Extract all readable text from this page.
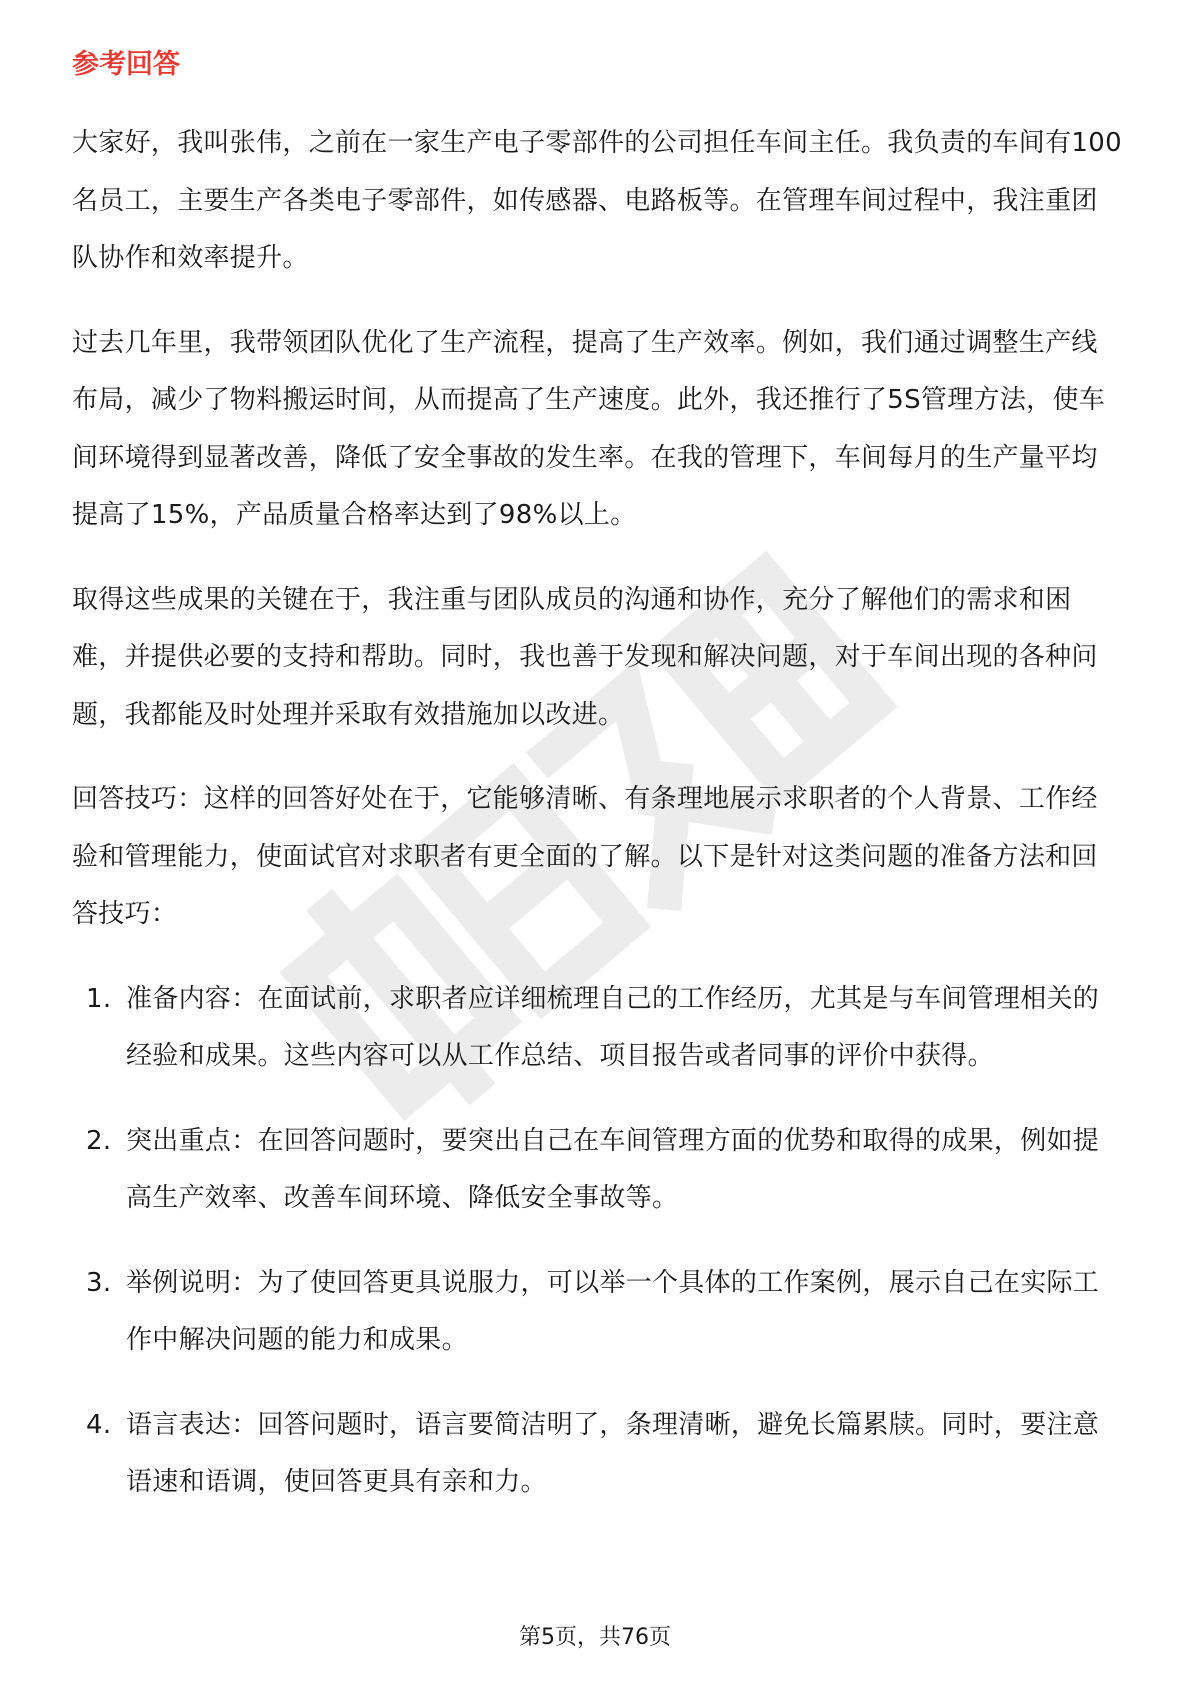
参考回答

大家好，我叫张伟，之前在一家生产电子零部件的公司担任车间主任。我负责的车间有100名员工，主要生产各类电子零部件，如传感器、电路板等。在管理车间过程中，我注重团队协作和效率提升。

过去几年里，我带领团队优化了生产流程，提高了生产效率。例如，我们通过调整生产线布局，减少了物料搬运时间，从而提高了生产速度。此外，我还推行了5S管理方法，使车间环境得到显著改善，降低了安全事故的发生率。在我的管理下，车间每月的生产量平均提高了15%，产品质量合格率达到了98%以上。

取得这些成果的关键在于，我注重与团队成员的沟通和协作，充分了解他们的需求和困难，并提供必要的支持和帮助。同时，我也善于发现和解决问题，对于车间出现的各种问题，我都能及时处理并采取有效措施加以改进。

回答技巧：这样的回答好处在于，它能够清晰、有条理地展示求职者的个人背景、工作经验和管理能力，使面试官对求职者有更全面的了解。以下是针对这类问题的准备方法和回答技巧：

1. 准备内容：在面试前，求职者应详细梳理自己的工作经历，尤其是与车间管理相关的经验和成果。这些内容可以从工作总结、项目报告或者同事的评价中获得。
2. 突出重点：在回答问题时，要突出自己在车间管理方面的优势和取得的成果，例如提高生产效率、改善车间环境、降低安全事故等。
3. 举例说明：为了使回答更具说服力，可以举一个具体的工作案例，展示自己在实际工作中解决问题的能力和成果。
4. 语言表达：回答问题时，语言要简洁明了，条理清晰，避免长篇累牍。同时，要注意语速和语调，使回答更具有亲和力。
第5页，共76页
